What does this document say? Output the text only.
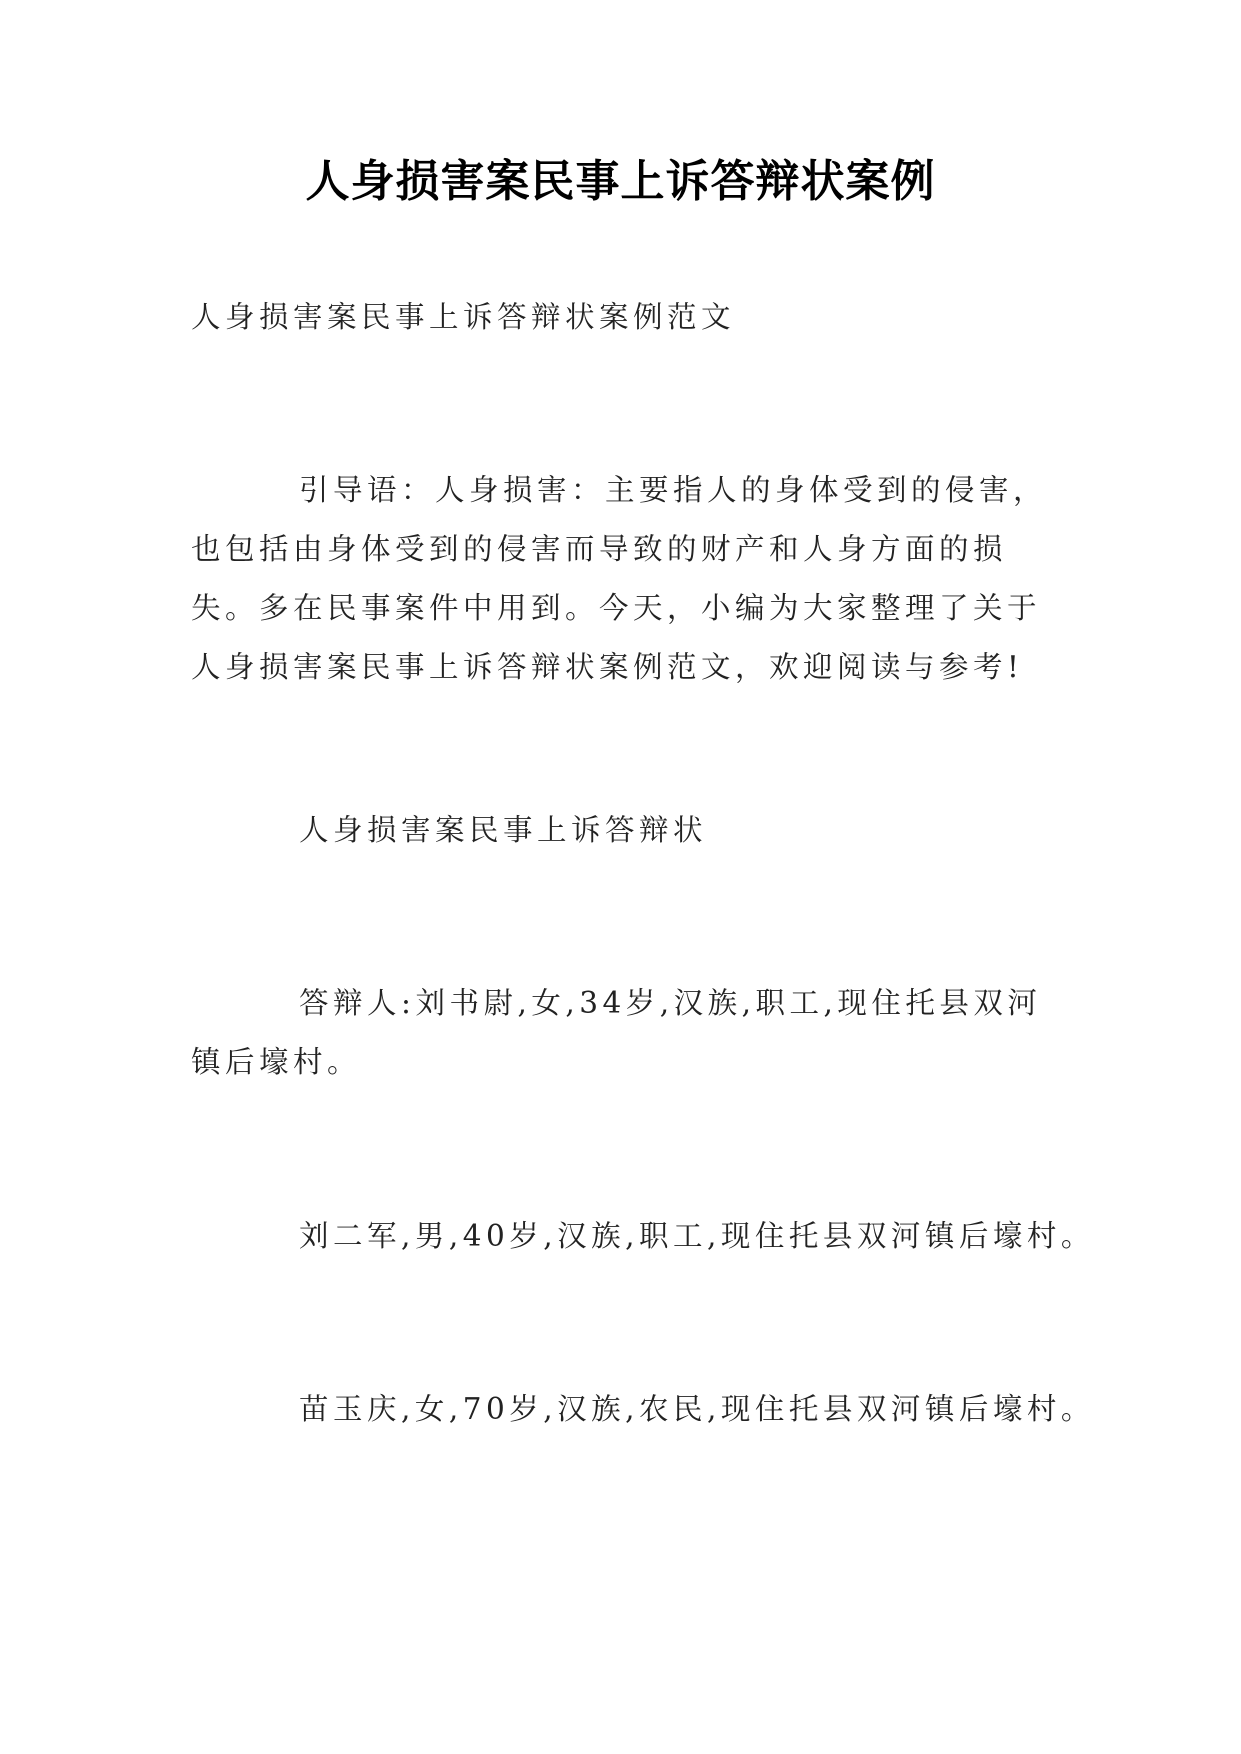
人身损害案民事上诉答辩状案例
人身损害案民事上诉答辩状案例范文
引导语：人身损害：主要指人的身体受到的侵害，也包括由身体受到的侵害而导致的财产和人身方面的损失。多在民事案件中用到。今天，小编为大家整理了关于人身损害案民事上诉答辩状案例范文，欢迎阅读与参考!
人身损害案民事上诉答辩状
答辩人:刘书尉,女,34岁,汉族,职工,现住托县双河镇后壕村。
刘二军,男,40岁,汉族,职工,现住托县双河镇后壕村。
苗玉庆,女,70岁,汉族,农民,现住托县双河镇后壕村。
